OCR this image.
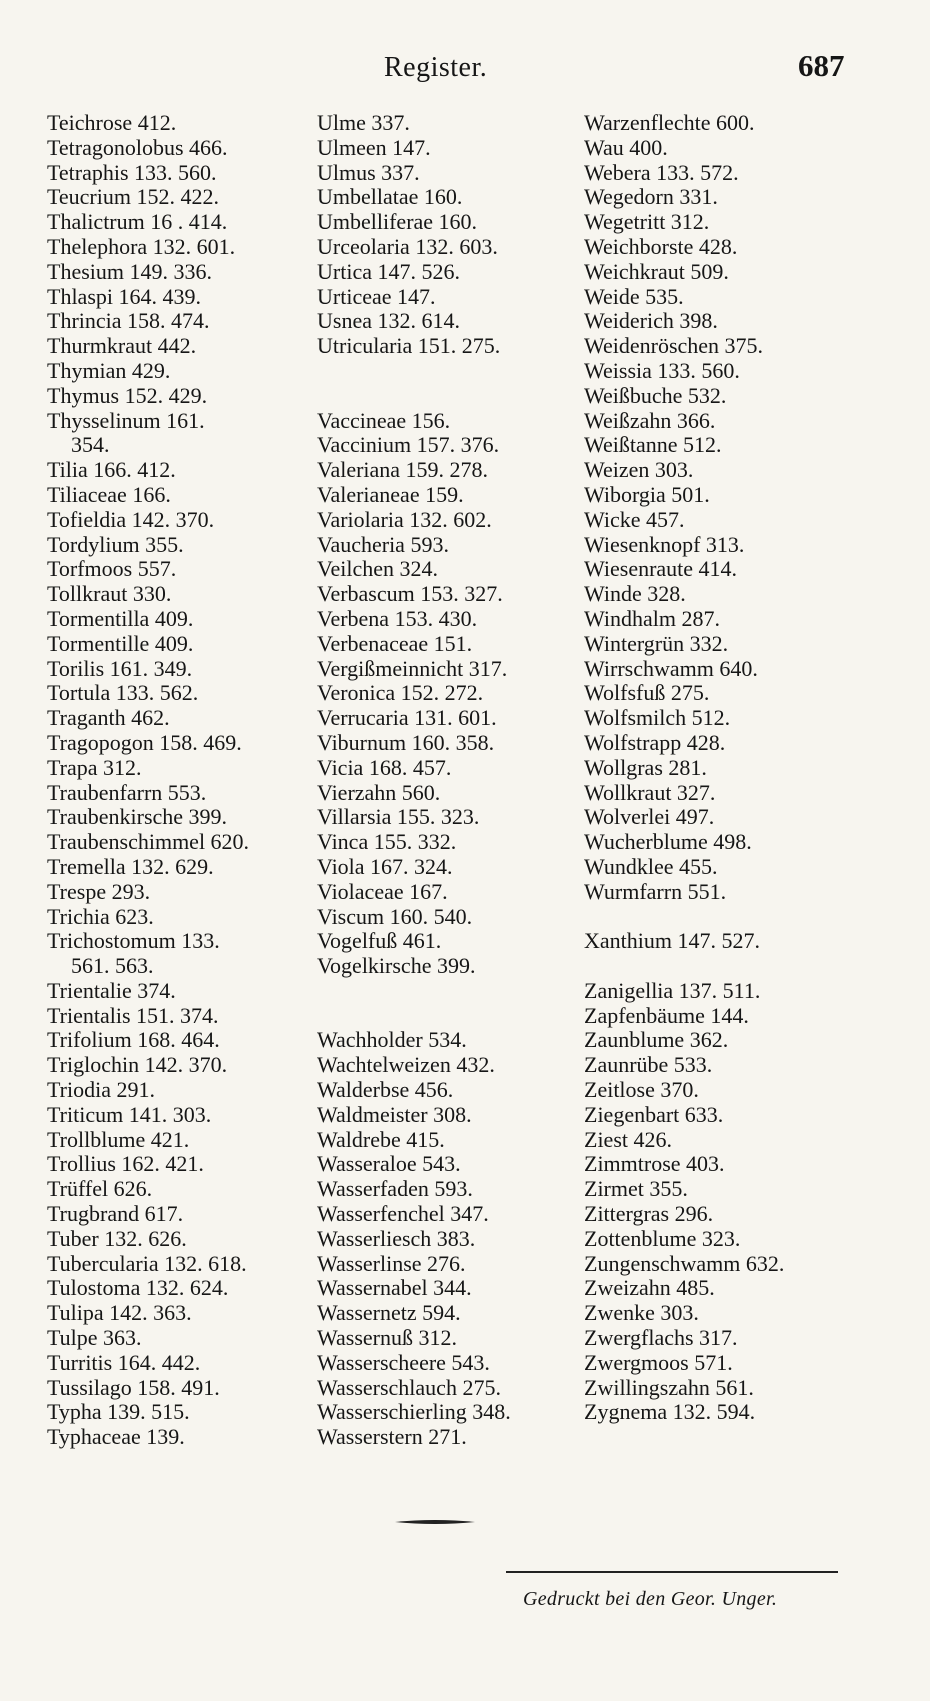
Register.	687
Teichrose 412.
Tetragonolobus 466.
Tetraphis 133. 560.
Teucrium 152. 422.
Thalictrum 16 . 414.
Thelephora 132. 601.
Thesium 149. 336.
Thlaspi 164. 439.
Thrincia 158. 474.
Thurmkraut 442.
Thymian 429.
Thymus 152. 429.
Thysselinum 161.
354.
Tilia 166. 412.
Tiliaceae 166.
Tofieldia 142. 370.
Tordylium 355.
Torfmoos 557.
Tollkraut 330.
Tormentilla 409.
Tormentille 409.
Torilis 161. 349.
Tortula 133. 562.
Traganth 462.
Tragopogon 158. 469.
Trapa 312.
Traubenfarrn 553.
Traubenkirsche 399.
Traubenschimmel 620.
Tremella 132. 629.
Trespe 293.
Trichia 623.
Trichostomum 133.
561. 563.
Trientalie 374.
Trientalis 151. 374.
Trifolium 168. 464.
Triglochin 142. 370.
Triodia 291.
Triticum 141. 303.
Trollblume 421.
Trollius 162. 421.
Trüffel 626.
Trugbrand 617.
Tuber 132. 626.
Tubercularia 132. 618.
Tulostoma 132. 624.
Tulipa 142. 363.
Tulpe 363.
Turritis 164. 442.
Tussilago 158. 491.
Typha 139. 515.
Typhaceae 139.
Ulme 337.
Ulmeen 147.
Ulmus 337.
Umbellatae 160.
Umbelliferae 160.
Urceolaria 132. 603.
Urtica 147. 526.
Urticeae 147.
Usnea 132. 614.
Utricularia 151. 275.
Vaccineae 156.
Vaccinium 157. 376.
Valeriana 159. 278.
Valerianeae 159.
Variolaria 132. 602.
Vaucheria 593.
Veilchen 324.
Verbascum 153. 327.
Verbena 153. 430.
Verbenaceae 151.
Vergißmeinnicht 317.
Veronica 152. 272.
Verrucaria 131. 601.
Viburnum 160. 358.
Vicia 168. 457.
Vierzahn 560.
Villarsia 155. 323.
Vinca 155. 332.
Viola 167. 324.
Violaceae 167.
Viscum 160. 540.
Vogelfuß 461.
Vogelkirsche 399.
Wachholder 534.
Wachtelweizen 432.
Walderbse 456.
Waldmeister 308.
Waldrebe 415.
Wasseraloe 543.
Wasserfaden 593.
Wasserfenchel 347.
Wasserliesch 383.
Wasserlinse 276.
Wassernabel 344.
Wassernetz 594.
Wassernuß 312.
Wasserscheere 543.
Wasserschlauch 275.
Wasserschierling 348.
Wasserstern 271.
Warzenflechte 600.
Wau 400.
Webera 133. 572.
Wegedorn 331.
Wegetritt 312.
Weichborste 428.
Weichkraut 509.
Weide 535.
Weiderich 398.
Weidenröschen 375.
Weissia 133. 560.
Weißbuche 532.
Weißzahn 366.
Weißtanne 512.
Weizen 303.
Wiborgia 501.
Wicke 457.
Wiesenknopf 313.
Wiesenraute 414.
Winde 328.
Windhalm 287.
Wintergrün 332.
Wirrschwamm 640.
Wolfsfuß 275.
Wolfsmilch 512.
Wolfstrapp 428.
Wollgras 281.
Wollkraut 327.
Wolverlei 497.
Wucherblume 498.
Wundklee 455.
Wurmfarrn 551.
Xanthium 147. 527.
Zanigellia 137. 511.
Zapfenbäume 144.
Zaunblume 362.
Zaunrübe 533.
Zeitlose 370.
Ziegenbart 633.
Ziest 426.
Zimmtrose 403.
Zirmet 355.
Zittergras 296.
Zottenblume 323.
Zungenschwamm 632.
Zweizahn 485.
Zwenke 303.
Zwergflachs 317.
Zwergmoos 571.
Zwillingszahn 561.
Zygnema 132. 594.
Gedruckt bei den Geor. Unger.
